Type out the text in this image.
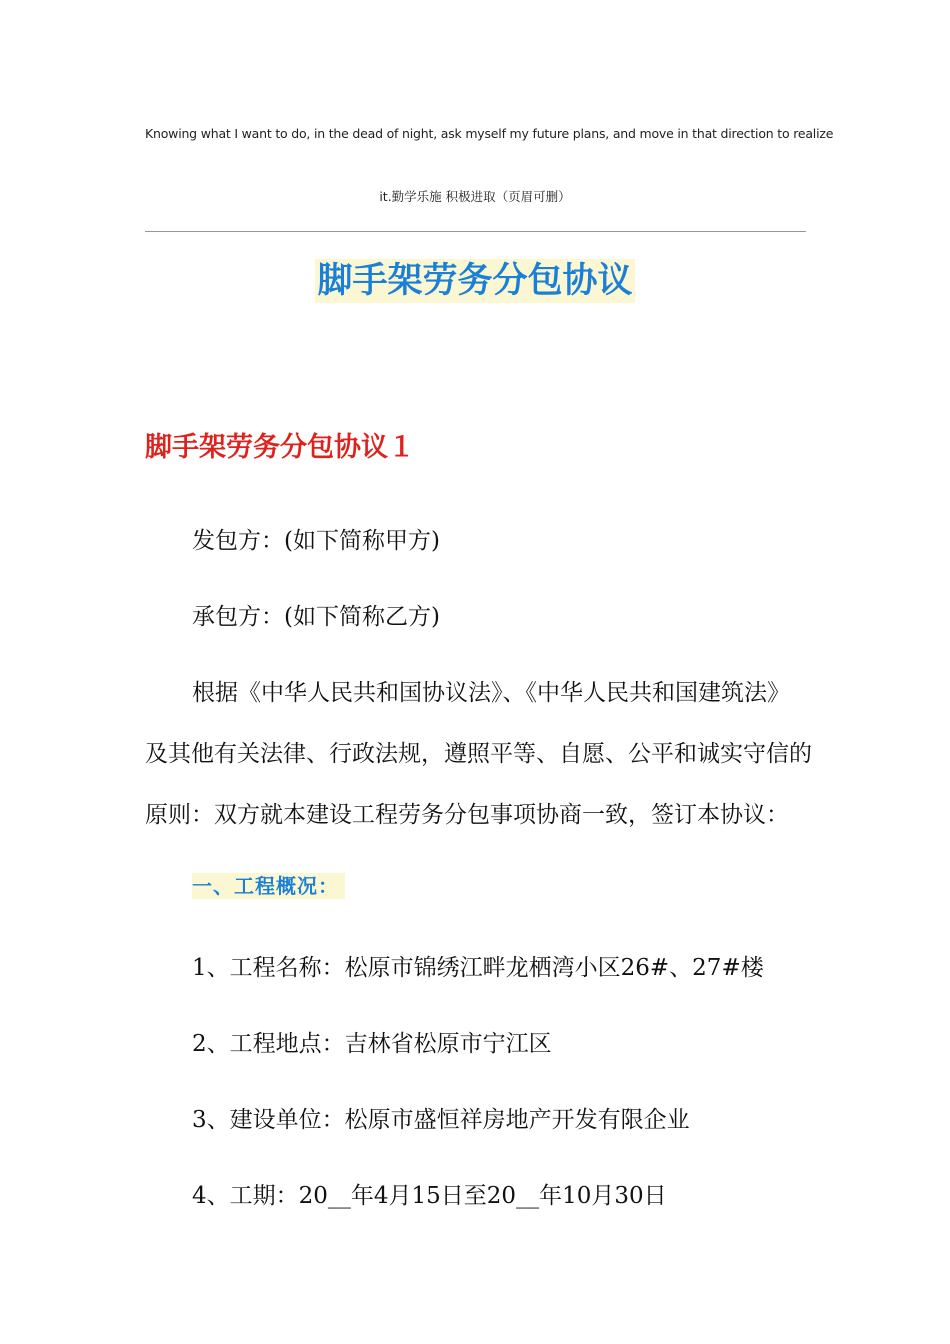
Knowing what I want to do, in the dead of night, ask myself my future plans, and move in that direction to realize
it.勤学乐施 积极进取（页眉可删）
脚手架劳务分包协议
脚手架劳务分包协议１
发包方：(如下简称甲方)
承包方：(如下简称乙方)
根据《中华人民共和国协议法》、《中华人民共和国建筑法》
及其他有关法律、行政法规，遵照平等、自愿、公平和诚实守信的
原则：双方就本建设工程劳务分包事项协商一致，签订本协议：
一、工程概况：
1、工程名称：松原市锦绣江畔龙栖湾小区26#、27#楼
2、工程地点：吉林省松原市宁江区
3、建设单位：松原市盛恒祥房地产开发有限企业
4、工期：20__年4月15日至20__年10月30日
